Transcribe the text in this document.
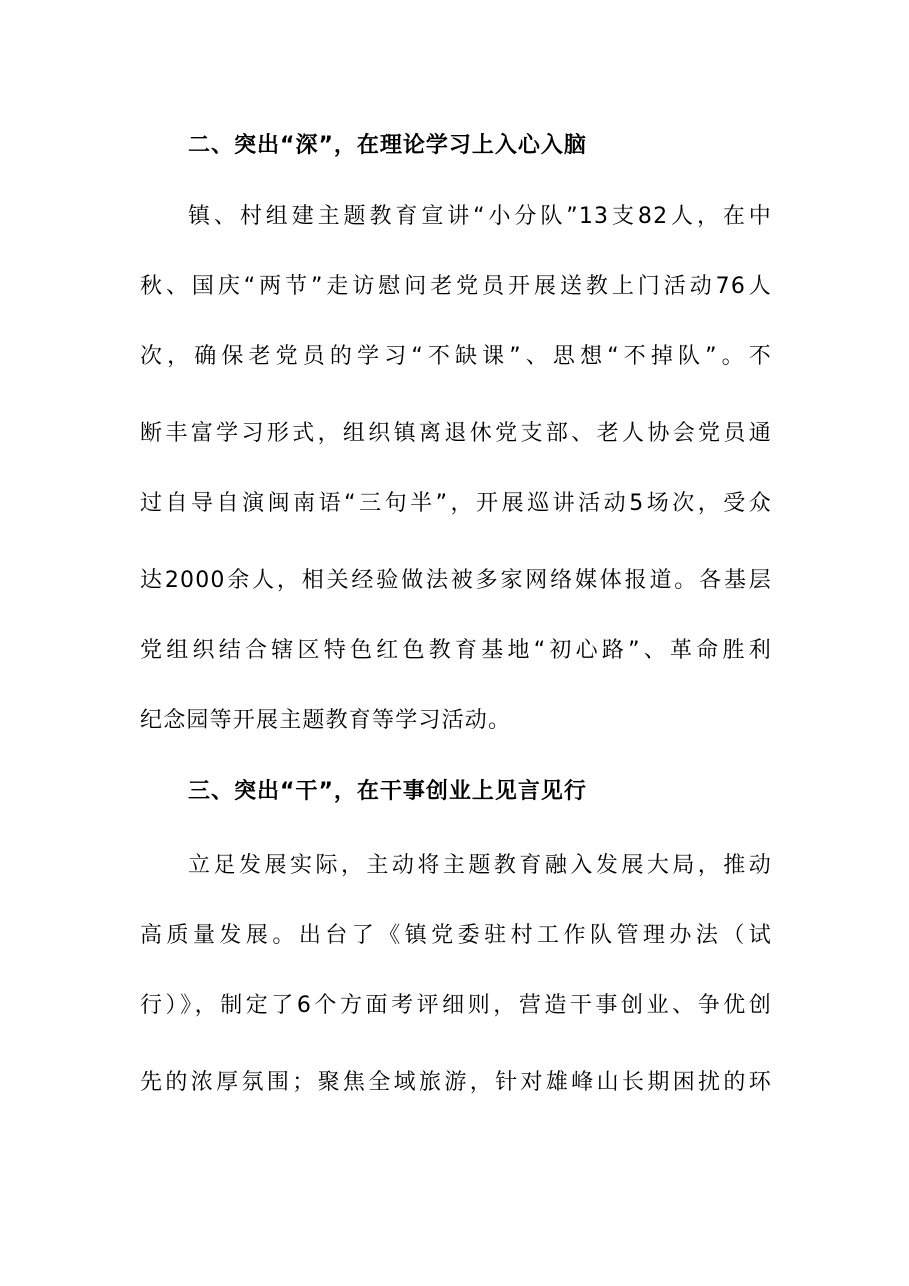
二、突出“深”，在理论学习上入心入脑
镇、村组建主题教育宣讲“小分队”13支82人，在中
秋、国庆“两节”走访慰问老党员开展送教上门活动76人
次，确保老党员的学习“不缺课”、思想“不掉队”。不
断丰富学习形式，组织镇离退休党支部、老人协会党员通
过自导自演闽南语“三句半”，开展巡讲活动5场次，受众
达2000余人，相关经验做法被多家网络媒体报道。各基层
党组织结合辖区特色红色教育基地“初心路”、革命胜利
纪念园等开展主题教育等学习活动。
三、突出“干”，在干事创业上见言见行
立足发展实际，主动将主题教育融入发展大局，推动
高质量发展。出台了《镇党委驻村工作队管理办法（试
行）》，制定了6个方面考评细则，营造干事创业、争优创
先的浓厚氛围；聚焦全域旅游，针对雄峰山长期困扰的环
